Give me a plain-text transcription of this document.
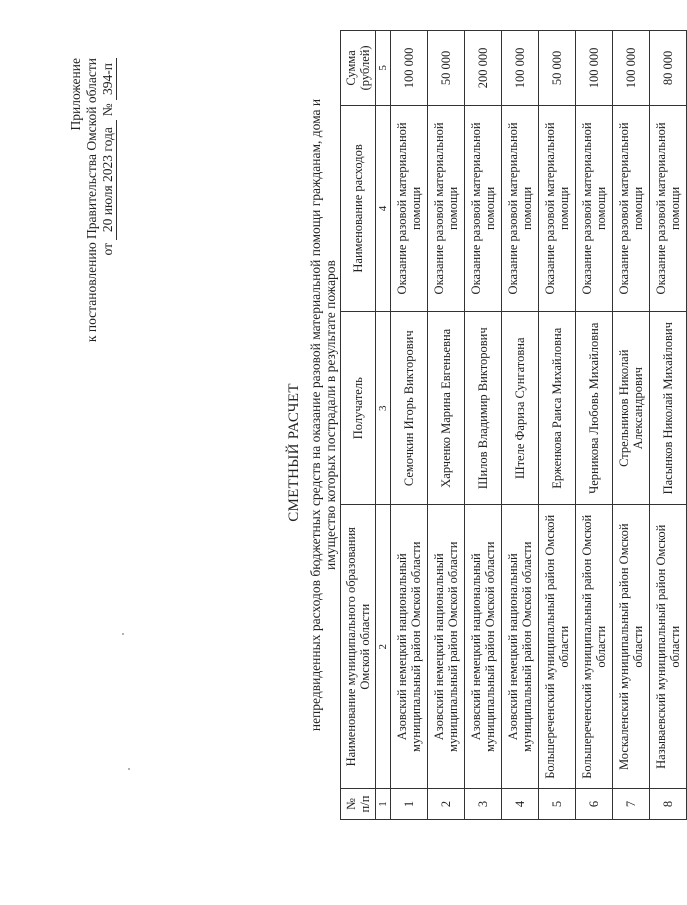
Приложение к постановлению Правительства Омской области от 20 июля 2023 года № 394-п
СМЕТНЫЙ РАСЧЕТ непредвиденных расходов бюджетных средств на оказание разовой материальной помощи гражданам, дома и имущество которых пострадали в результате пожаров

№ п/п	Наименование муниципального образования Омской области	Получатель	Наименование расходов	Сумма (рублей)
1	2	3	4	5
1	Азовский немецкий национальный муниципальный район Омской области	Семочкин Игорь Викторович	Оказание разовой материальной помощи	100 000
2	Азовский немецкий национальный муниципальный район Омской области	Харченко Марина Евгеньевна	Оказание разовой материальной помощи	50 000
3	Азовский немецкий национальный муниципальный район Омской области	Шилов Владимир Викторович	Оказание разовой материальной помощи	200 000
4	Азовский немецкий национальный муниципальный район Омской области	Штеле Фариза Сунгатовна	Оказание разовой материальной помощи	100 000
5	Большереченский муниципальный район Омской области	Ерженкова Раиса Михайловна	Оказание разовой материальной помощи	50 000
6	Большереченский муниципальный район Омской области	Черникова Любовь Михайловна	Оказание разовой материальной помощи	100 000
7	Москаленский муниципальный район Омской области	Стрельников Николай Александрович	Оказание разовой материальной помощи	100 000
8	Называевский муниципальный район Омской области	Пасынков Николай Михайлович	Оказание разовой материальной помощи	80 000
